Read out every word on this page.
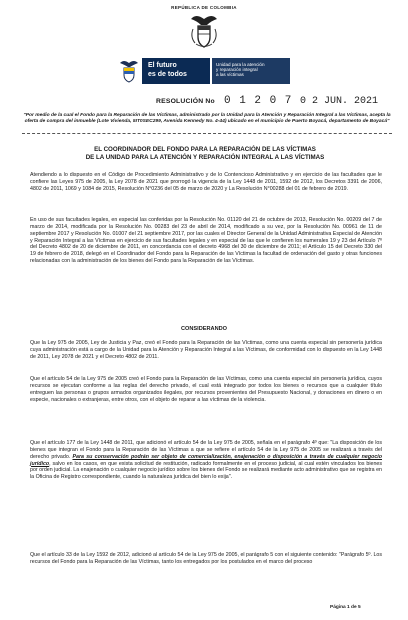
REPÚBLICA DE COLOMBIA
El futuro
es de todos
Unidad para la atención
y reparación integral
a las víctimas
RESOLUCIÓN No 0 1 2 0 7 0 2 JUN. 2021
"Por medio de la cual el Fondo para la Reparación de las Víctimas, administrado por la Unidad para la Atención y Reparación Integral a las Víctimas, acepta la oferta de compra del inmueble (Lote Vivienda, 5IT0SEC299, Avenida Kennedy No. 4-44) ubicado en el municipio de Puerto Boyacá, departamento de Boyacá"
EL COORDINADOR DEL FONDO PARA LA REPARACIÓN DE LAS VÍCTIMAS
DE LA UNIDAD PARA LA ATENCIÓN Y REPARACIÓN INTEGRAL A LAS VÍCTIMAS
Atendiendo a lo dispuesto en el Código de Procedimiento Administrativo y de lo Contencioso Administrativo y en ejercicio de las facultades que le confiere las Leyes 975 de 2005, la Ley 2078 de 2021 que prorrogó la vigencia de la Ley 1448 de 2011, 1592 de 2012, los Decretos 3391 de 2006, 4802 de 2011, 1069 y 1084 de 2015, Resolución N°0236 del 05 de marzo de 2020 y La Resolución N°00288 del 01 de febrero de 2019.
En uso de sus facultades legales, en especial las conferidas por la Resolución No. 01120 del 21 de octubre de 2013, Resolución No. 00209 del 7 de marzo de 2014, modificada por la Resolución No. 00283 del 23 de abril de 2014, modificado a su vez, por la Resolución No. 00961 de 11 de septiembre 2017 y Resolución No. 01007 del 21 septiembre 2017, por las cuales el Director General de la Unidad Administrativa Especial de Atención y Reparación Integral a las Víctimas en ejercicio de sus facultades legales y en especial de las que le confieren los numerales 19 y 23 del Artículo 7º del Decreto 4802 de 20 de diciembre de 2011, en concordancia con el decreto 4968 del 30 de diciembre de 2011; el Artículo 15 del Decreto 330 del 19 de febrero de 2018, delegó en el Coordinador del Fondo para la Reparación de las Víctimas la facultad de ordenación del gasto y otras funciones relacionadas con la administración de los bienes del Fondo para la Reparación de las Víctimas.
CONSIDERANDO
Que la Ley 975 de 2005, Ley de Justicia y Paz, creó el Fondo para la Reparación de las Víctimas, como una cuenta especial sin personería jurídica cuya administración está a cargo de la Unidad para la Atención y Reparación Integral a las Víctimas, de conformidad con lo dispuesto en la Ley 1448 de 2011, Ley 2078 de 2021 y el Decreto 4802 de 2011.
Que el artículo 54 de la Ley 975 de 2005 creó el Fondo para la Reparación de las Víctimas, como una cuenta especial sin personería jurídica, cuyos recursos se ejecutan conforme a las reglas del derecho privado, el cual está integrado por todos los bienes o recursos que a cualquier título entreguen las personas o grupos armados organizados ilegales, por recursos provenientes del Presupuesto Nacional, y donaciones en dinero o en especie, nacionales o extranjeras, entre otros, con el objeto de reparar a las víctimas de la violencia.
Que el artículo 177 de la Ley 1448 de 2011, que adicionó el artículo 54 de la Ley 975 de 2005, señala en el parágrafo 4º que: "La disposición de los bienes que integran el Fondo para la Reparación de las Víctimas a que se refiere el artículo 54 de la Ley 975 de 2005 se realizará a través del derecho privado. Para su conservación podrán ser objeto de comercialización, enajenación o disposición a través de cualquier negocio jurídico, salvo en los casos, en que exista solicitud de restitución, radicado formalmente en el proceso judicial, al cual estén vinculados los bienes por orden judicial. La enajenación o cualquier negocio jurídico sobre los bienes del Fondo se realizará mediante acto administrativo que se registra en la Oficina de Registro correspondiente, cuando la naturaleza jurídica del bien lo exija".
Que el artículo 33 de la Ley 1592 de 2012, adicionó al artículo 54 de la Ley 975 de 2005, el parágrafo 5 con el siguiente contenido: "Parágrafo 5º. Los recursos del Fondo para la Reparación de las Víctimas, tanto los entregados por los postulados en el marco del proceso
Página 1 de 5
